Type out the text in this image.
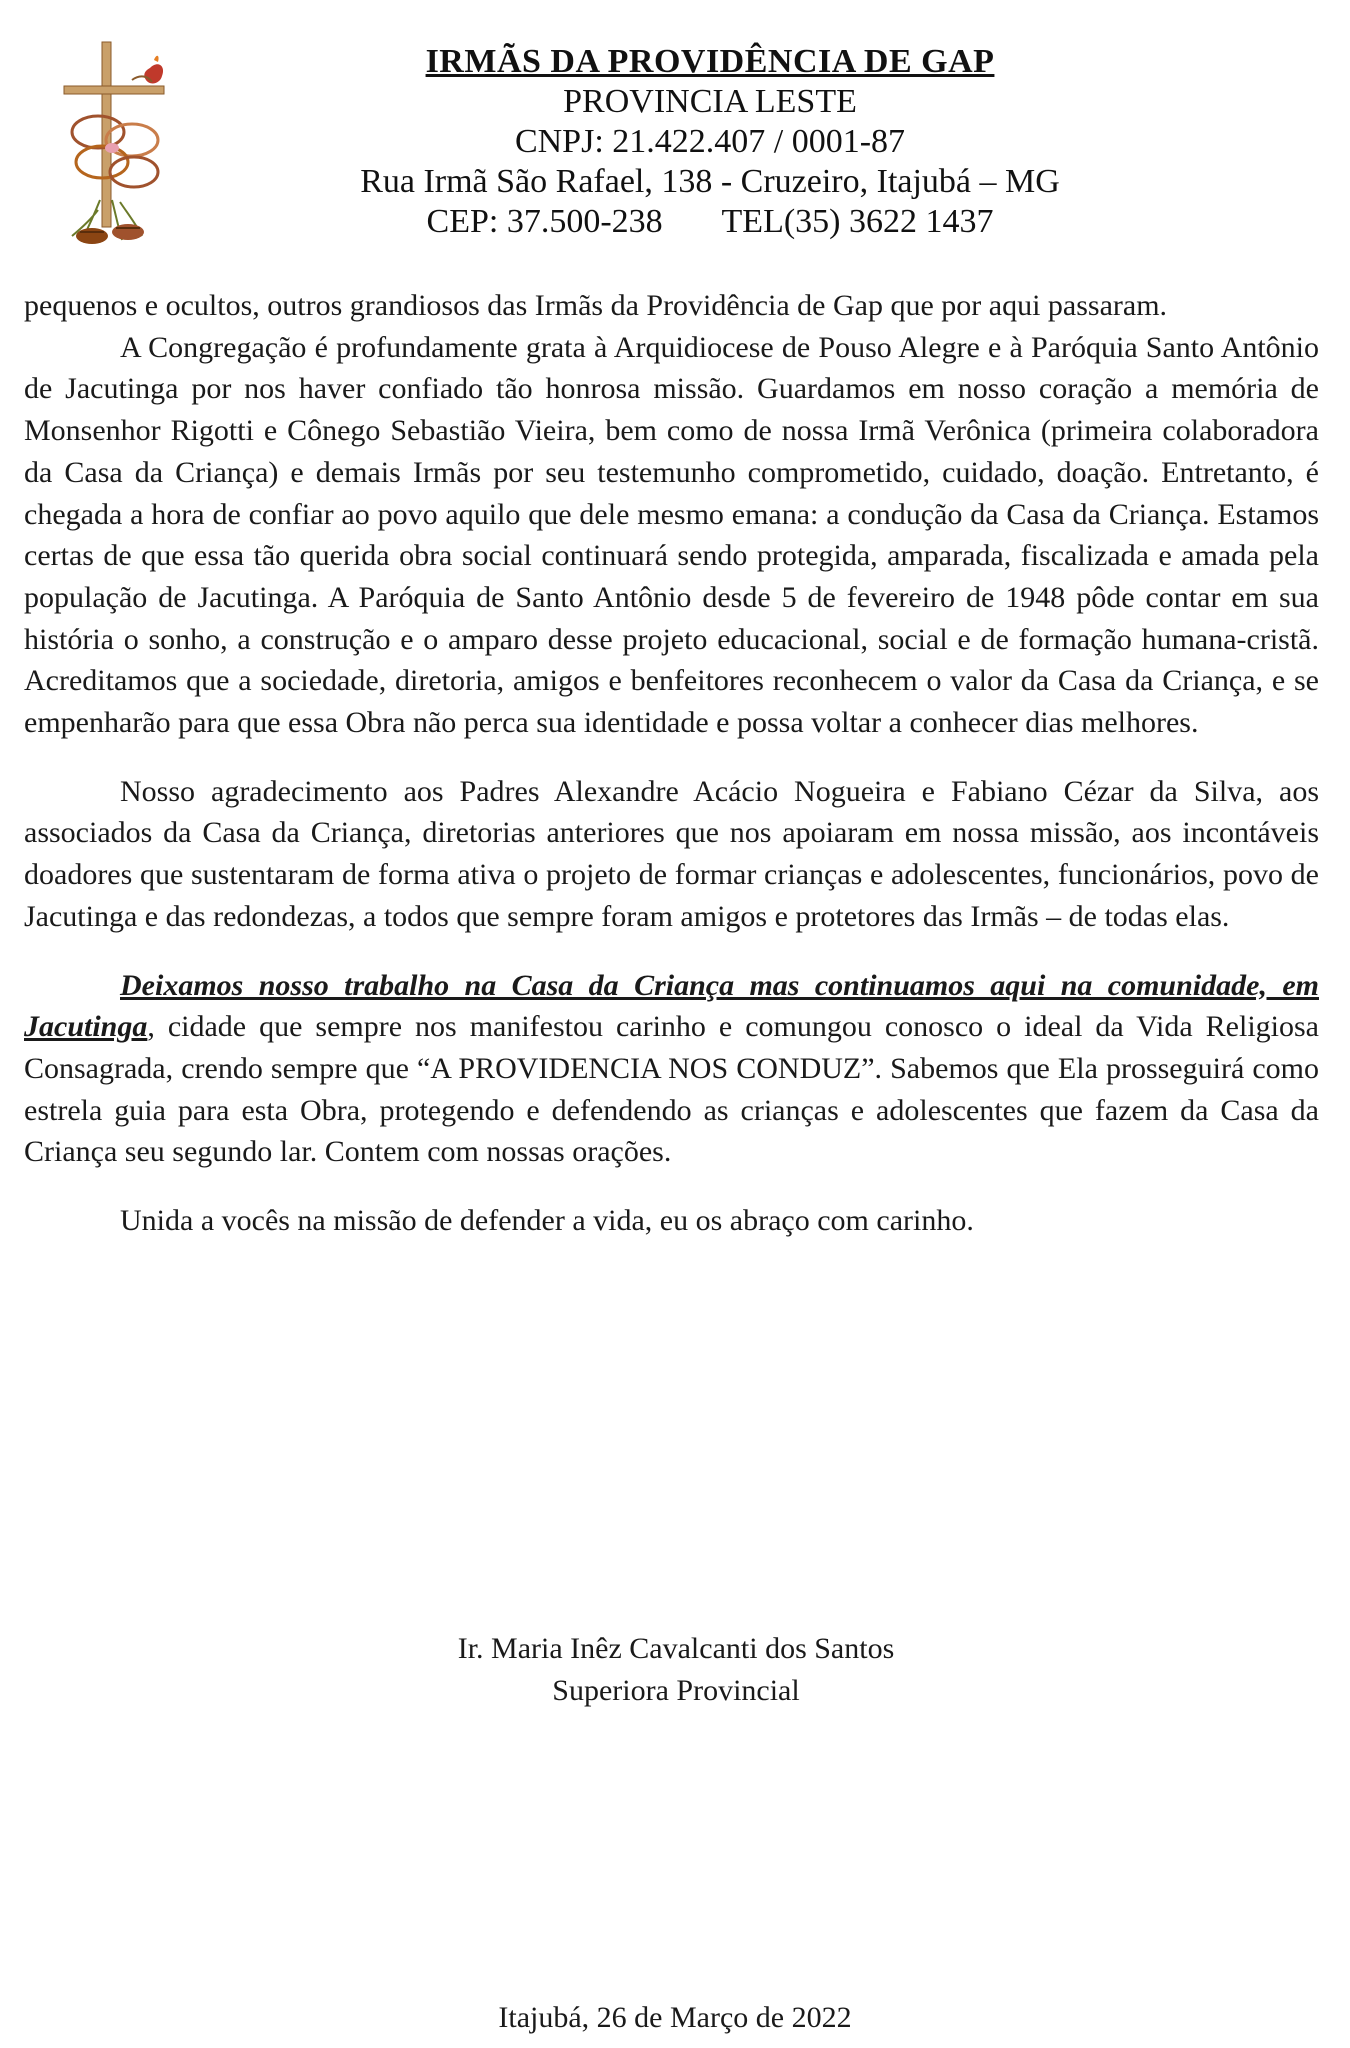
IRMÃS DA PROVIDÊNCIA DE GAP
PROVINCIA LESTE
CNPJ: 21.422.407 / 0001-87
Rua Irmã São Rafael, 138 - Cruzeiro, Itajubá – MG
CEP: 37.500-238 TEL(35) 3622 1437

pequenos e ocultos, outros grandiosos das Irmãs da Providência de Gap que por aqui passaram.

A Congregação é profundamente grata à Arquidiocese de Pouso Alegre e à Paróquia Santo Antônio de Jacutinga por nos haver confiado tão honrosa missão. Guardamos em nosso coração a memória de Monsenhor Rigotti e Cônego Sebastião Vieira, bem como de nossa Irmã Verônica (primeira colaboradora da Casa da Criança) e demais Irmãs por seu testemunho comprometido, cuidado, doação. Entretanto, é chegada a hora de confiar ao povo aquilo que dele mesmo emana: a condução da Casa da Criança. Estamos certas de que essa tão querida obra social continuará sendo protegida, amparada, fiscalizada e amada pela população de Jacutinga. A Paróquia de Santo Antônio desde 5 de fevereiro de 1948 pôde contar em sua história o sonho, a construção e o amparo desse projeto educacional, social e de formação humana-cristã. Acreditamos que a sociedade, diretoria, amigos e benfeitores reconhecem o valor da Casa da Criança, e se empenharão para que essa Obra não perca sua identidade e possa voltar a conhecer dias melhores.

Nosso agradecimento aos Padres Alexandre Acácio Nogueira e Fabiano Cézar da Silva, aos associados da Casa da Criança, diretorias anteriores que nos apoiaram em nossa missão, aos incontáveis doadores que sustentaram de forma ativa o projeto de formar crianças e adolescentes, funcionários, povo de Jacutinga e das redondezas, a todos que sempre foram amigos e protetores das Irmãs – de todas elas.

Deixamos nosso trabalho na Casa da Criança mas continuamos aqui na comunidade, em Jacutinga, cidade que sempre nos manifestou carinho e comungou conosco o ideal da Vida Religiosa Consagrada, crendo sempre que “A PROVIDENCIA NOS CONDUZ”. Sabemos que Ela prosseguirá como estrela guia para esta Obra, protegendo e defendendo as crianças e adolescentes que fazem da Casa da Criança seu segundo lar. Contem com nossas orações.

Unida a vocês na missão de defender a vida, eu os abraço com carinho.

Ir. Maria Inêz Cavalcanti dos Santos
Superiora Provincial
Itajubá, 26 de Março de 2022
